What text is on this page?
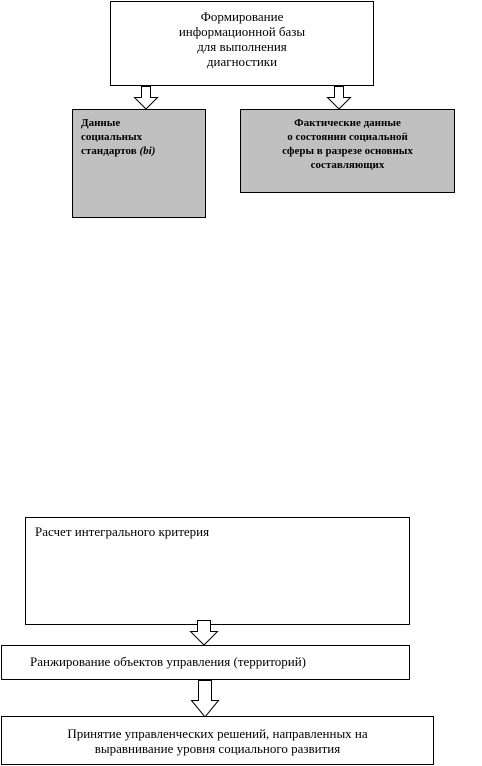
Формирование
информационной базы
для выполнения
диагностики
Данные
социальных
стандартов (bi)
Фактические данные
о состоянии социальной
сферы в разрезе основных
составляющих
Расчет интегрального критерия
Ранжирование объектов управления (территорий)
Принятие управленческих решений, направленных на
выравнивание уровня социального развития
